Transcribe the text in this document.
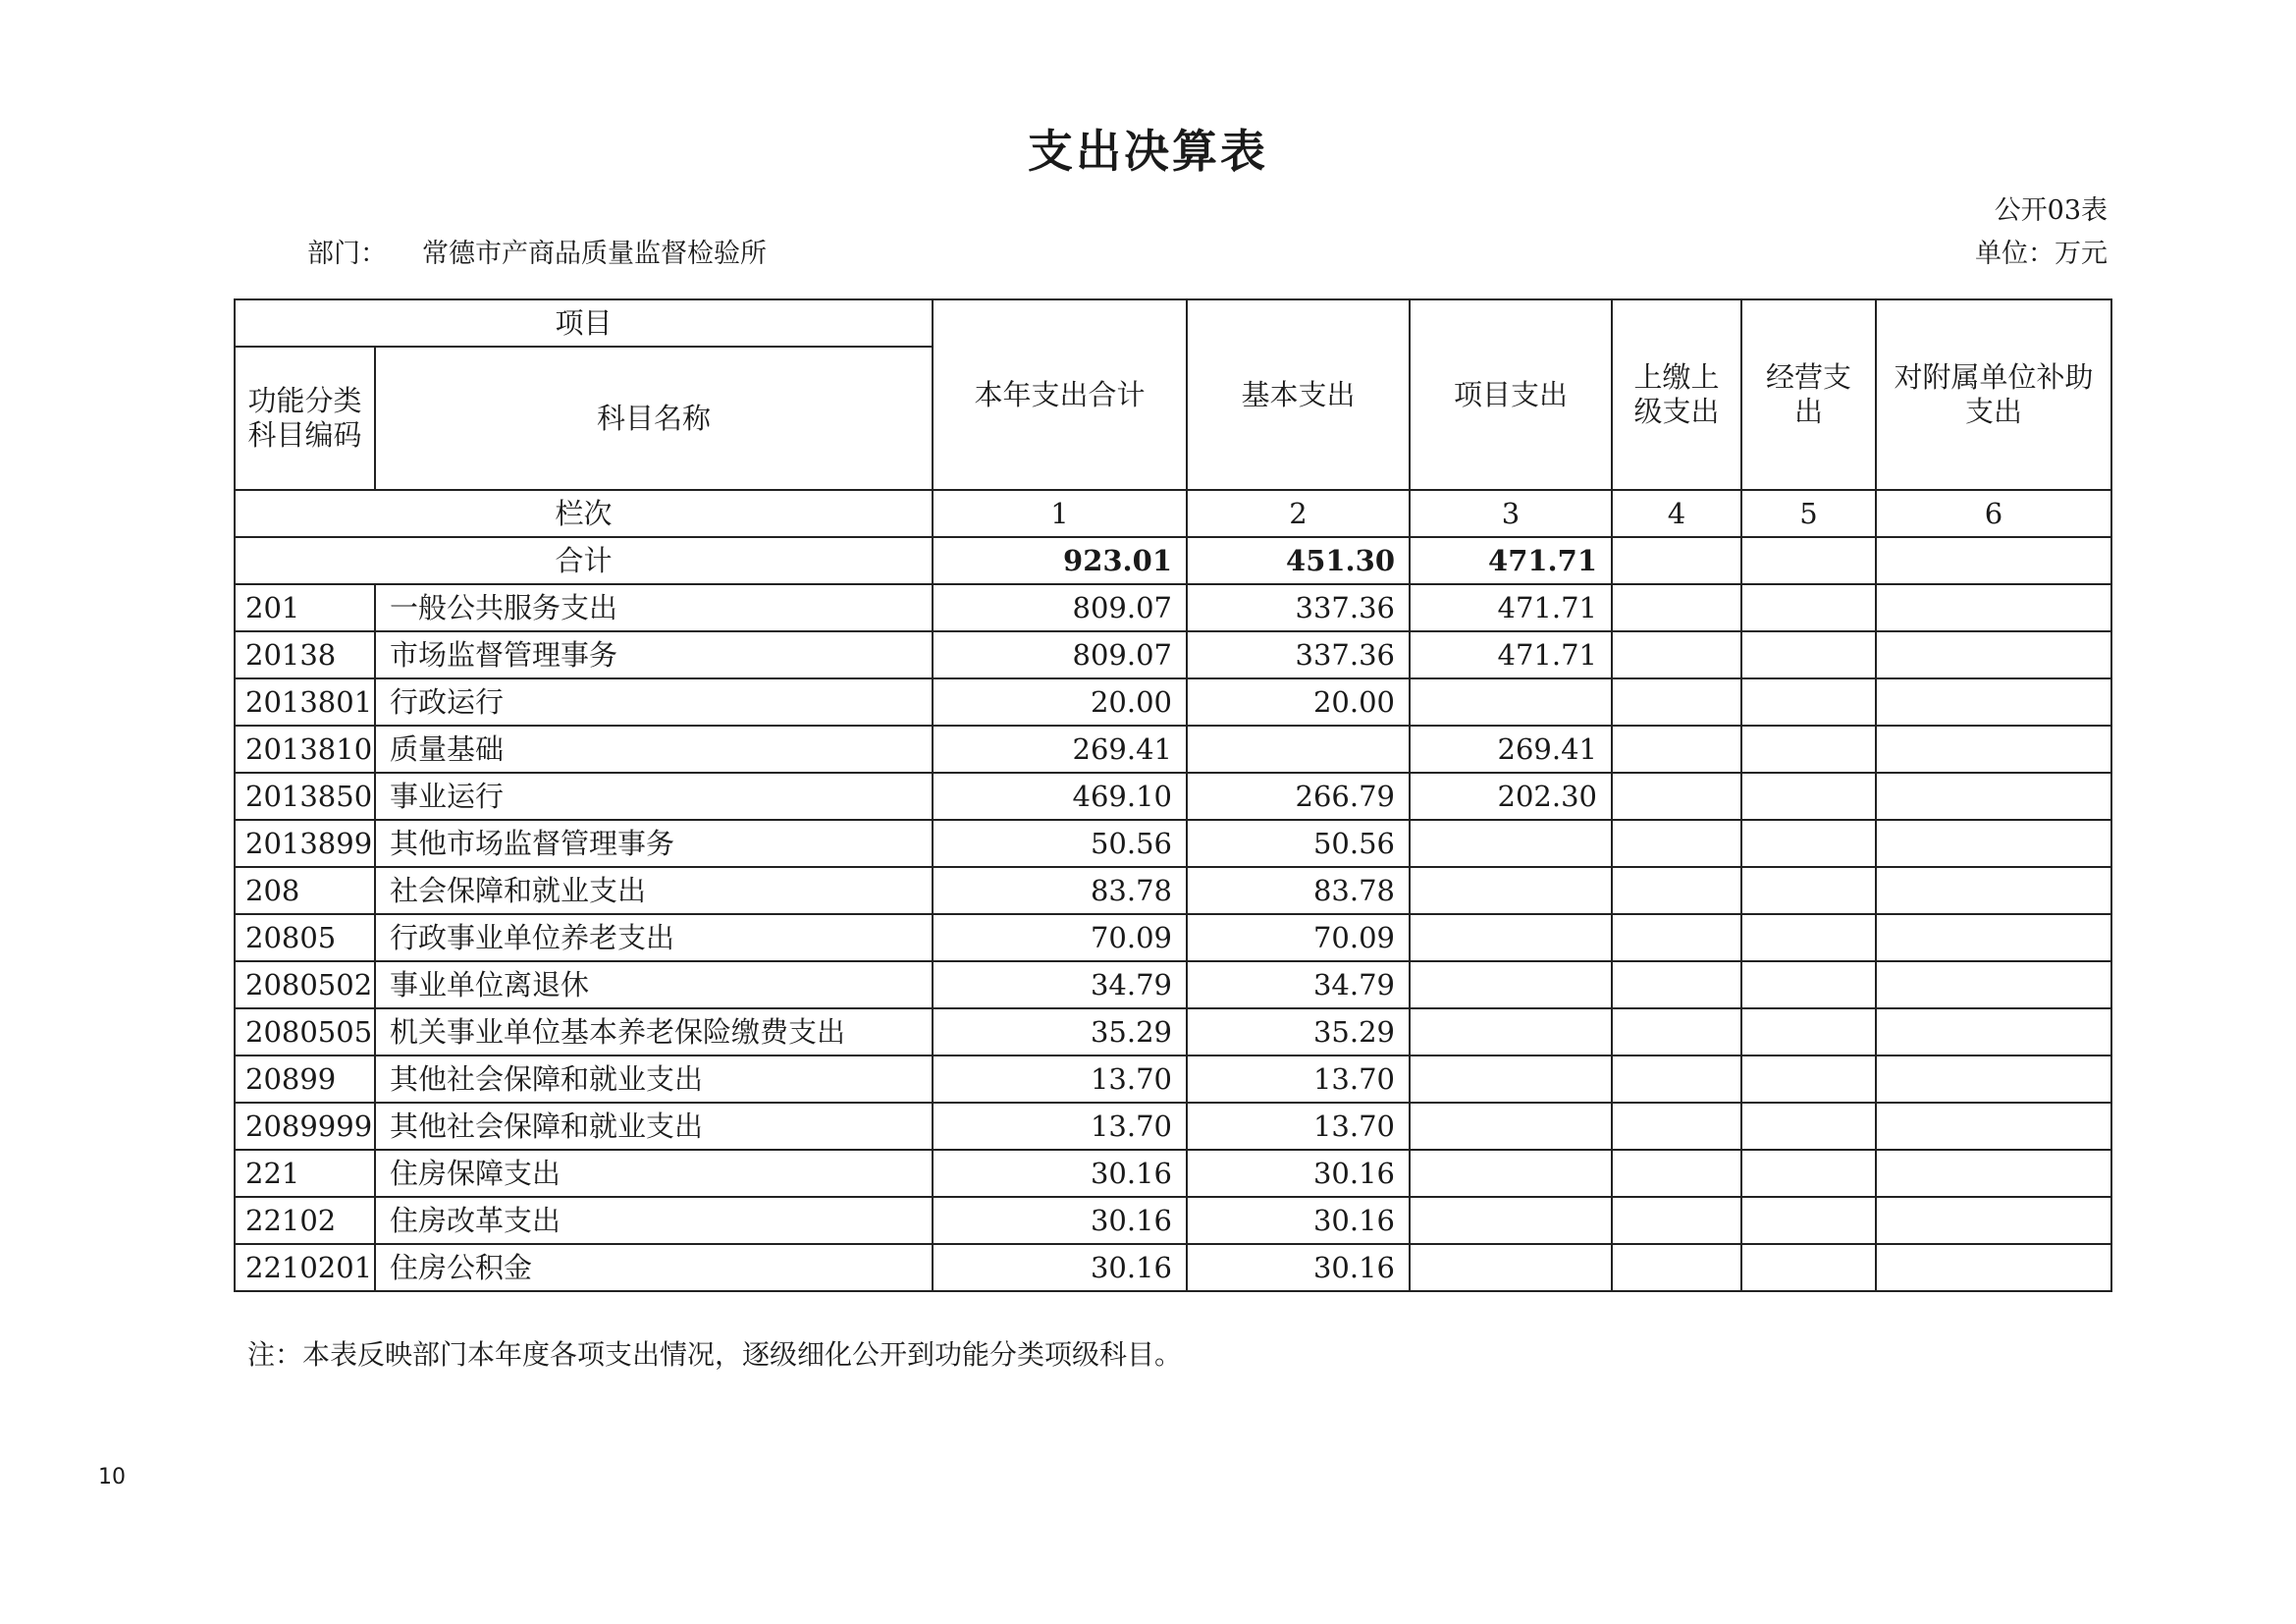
支出决算表
公开03表
部门： 常德市产商品质量监督检验所	单位：万元
项目		本年支出合计	基本支出	项目支出	上缴上级支出	经营支出	对附属单位补助支出
功能分类科目编码	科目名称						
栏次		1	2	3	4	5	6
合计		923.01	451.30	471.71			
201	一般公共服务支出	809.07	337.36	471.71			
20138	市场监督管理事务	809.07	337.36	471.71			
2013801	行政运行	20.00	20.00				
2013810	质量基础	269.41		269.41			
2013850	事业运行	469.10	266.79	202.30			
2013899	其他市场监督管理事务	50.56	50.56				
208	社会保障和就业支出	83.78	83.78				
20805	行政事业单位养老支出	70.09	70.09				
2080502	事业单位离退休	34.79	34.79				
2080505	机关事业单位基本养老保险缴费支出	35.29	35.29				
20899	其他社会保障和就业支出	13.70	13.70				
2089999	其他社会保障和就业支出	13.70	13.70				
221	住房保障支出	30.16	30.16				
22102	住房改革支出	30.16	30.16				
2210201	住房公积金	30.16	30.16				
注：本表反映部门本年度各项支出情况，逐级细化公开到功能分类项级科目。
10
